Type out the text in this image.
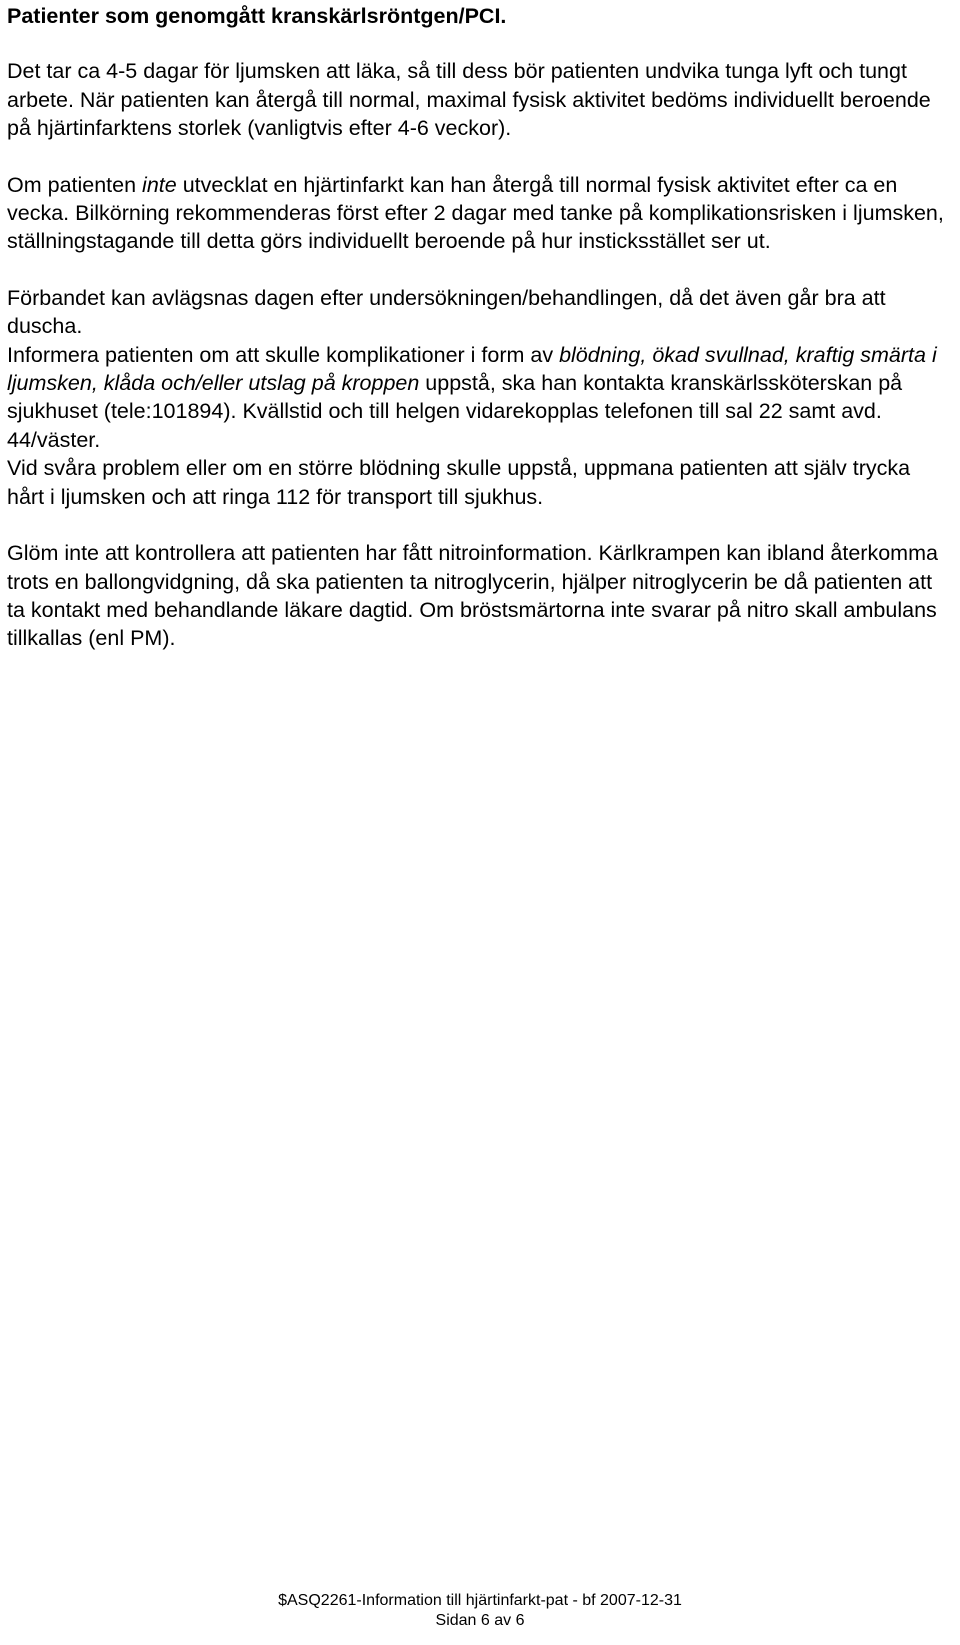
Patienter som genomgått kranskärlsröntgen/PCI.

Det tar ca 4-5 dagar för ljumsken att läka, så till dess bör patienten undvika tunga lyft och tungt arbete. När patienten kan återgå till normal, maximal fysisk aktivitet bedöms individuellt beroende på hjärtinfarktens storlek (vanligtvis efter 4-6 veckor).

Om patienten inte utvecklat en hjärtinfarkt kan han återgå till normal fysisk aktivitet efter ca en vecka. Bilkörning rekommenderas först efter 2 dagar med tanke på komplikationsrisken i ljumsken, ställningstagande till detta görs individuellt beroende på hur insticksstället ser ut.

Förbandet kan avlägsnas dagen efter undersökningen/behandlingen, då det även går bra att duscha.

Informera patienten om att skulle komplikationer i form av blödning, ökad svullnad, kraftig smärta i ljumsken, klåda och/eller utslag på kroppen uppstå, ska han kontakta kranskärlssköterskan på sjukhuset (tele:101894). Kvällstid och till helgen vidarekopplas telefonen till sal 22 samt avd. 44/väster.

Vid svåra problem eller om en större blödning skulle uppstå, uppmana patienten att själv trycka hårt i ljumsken och att ringa 112 för transport till sjukhus.

Glöm inte att kontrollera att patienten har fått nitroinformation. Kärlkrampen kan ibland återkomma trots en ballongvidgning, då ska patienten ta nitroglycerin, hjälper nitroglycerin be då patienten att ta kontakt med behandlande läkare dagtid. Om bröstsmärtorna inte svarar på nitro skall ambulans tillkallas (enl PM).

$ASQ2261-Information till hjärtinfarkt-pat - bf 2007-12-31
Sidan 6 av 6
